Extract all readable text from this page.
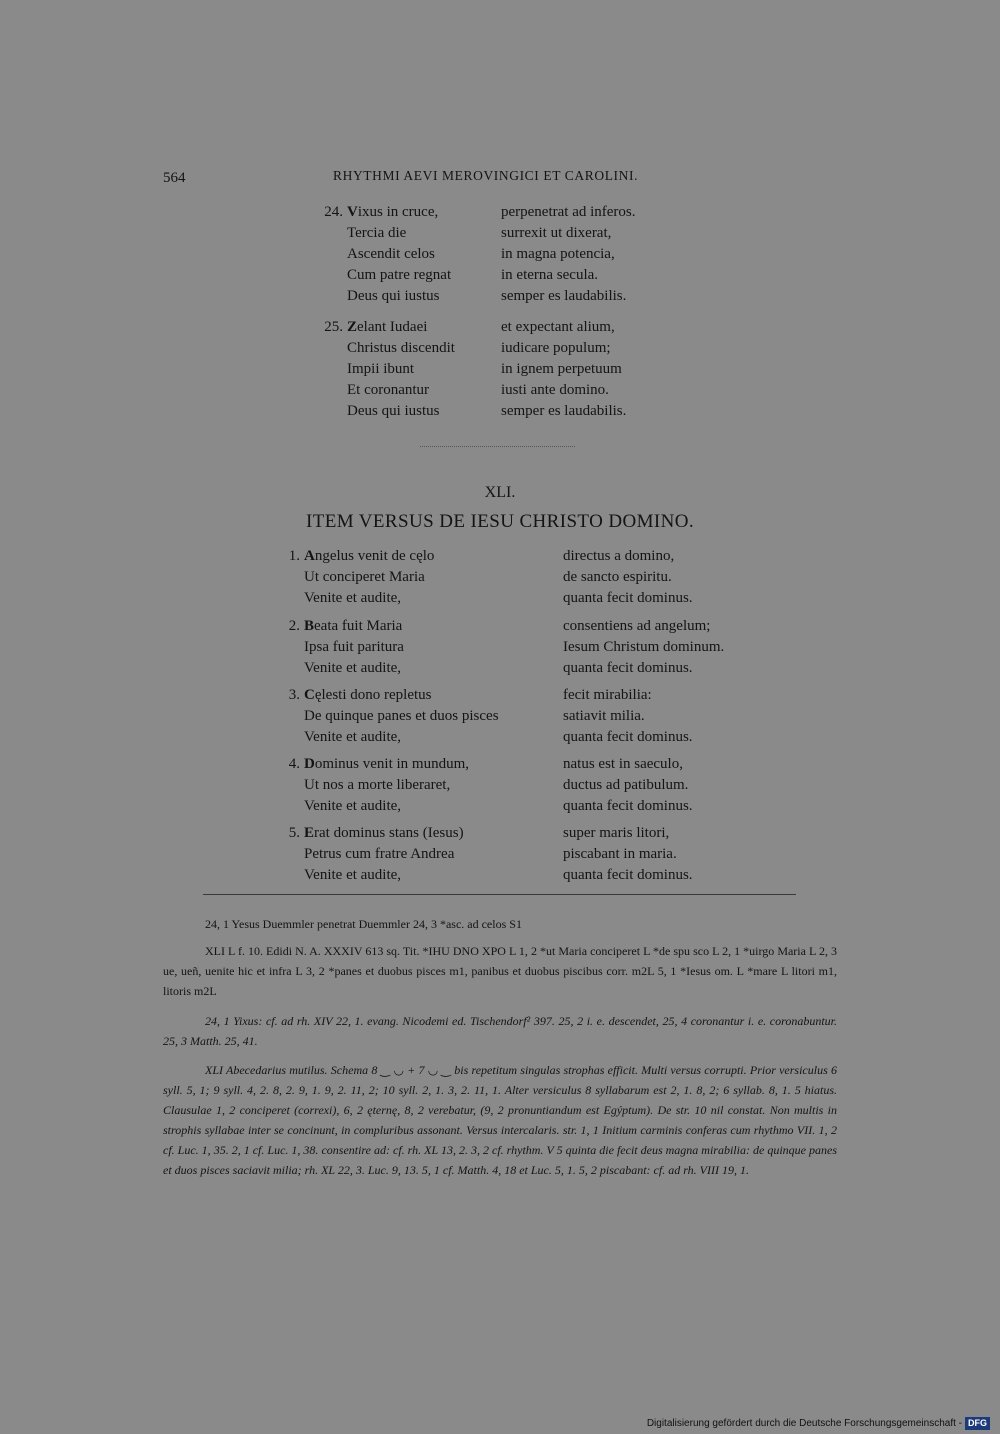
564	RHYTHMI AEVI MEROVINGICI ET CAROLINI.
24. Vixus in cruce,	perpenetrat ad inferos.
Tercia die	surrexit ut dixerat,
Ascendit celos	in magna potencia,
Cum patre regnat	in eterna secula.
Deus qui iustus	semper es laudabilis.
25. Zelant Iudaei	et expectant alium,
Christus discendit	iudicare populum;
Impii ibunt	in ignem perpetuum
Et coronantur	iusti ante domino.
Deus qui iustus	semper es laudabilis.
XLI.
ITEM VERSUS DE IESU CHRISTO DOMINO.
1. Angelus venit de cęlo	directus a domino,
Ut conciperet Maria	de sancto espiritu.
Venite et audite,	quanta fecit dominus.
2. Beata fuit Maria	consentiens ad angelum;
Ipsa fuit paritura	Iesum Christum dominum.
Venite et audite,	quanta fecit dominus.
3. Cęlesti dono repletus	fecit mirabilia:
De quinque panes et duos pisces	satiavit milia.
Venite et audite,	quanta fecit dominus.
4. Dominus venit in mundum,	natus est in saeculo,
Ut nos a morte liberaret,	ductus ad patibulum.
Venite et audite,	quanta fecit dominus.
5. Erat dominus stans (Iesus)	super maris litori,
Petrus cum fratre Andrea	piscabant in maria.
Venite et audite,	quanta fecit dominus.

24, 1 Yesus Duemmler penetrat Duemmler 24, 3 *asc. ad celos S1

XLI L f. 10. Edidi N. A. XXXIV 613 sq. Tit. *IHU DNO XPO L 1, 2 *ut Maria conciperet L *de spu sco L 2, 1 *uirgo Maria L 2, 3 ue, ueñ, uenite hic et infra L 3, 2 *panes et duobus pisces m1, panibus et duobus piscibus corr. m2L 5, 1 *Iesus om. L *mare L litori m1, litoris m2L

24, 1 Yixus: cf. ad rh. XIV 22, 1. evang. Nicodemi ed. Tischendorf² 397. 25, 2 i. e. descendet, 25, 4 coronantur i. e. coronabuntur. 25, 3 Matth. 25, 41.

XLI Abecedarius mutilus. Schema 8 ‿ ◡ + 7 ◡ ‿ bis repetitum singulas strophas efficit. Multi versus corrupti. Prior versiculus 6 syll. 5, 1; 9 syll. 4, 2. 8, 2. 9, 1. 9, 2. 11, 2; 10 syll. 2, 1. 3, 2. 11, 1. Alter versiculus 8 syllabarum est 2, 1. 8, 2; 6 syllab. 8, 1. 5 hiatus. Clausulae 1, 2 conciperet (correxi), 6, 2 ęternę, 8, 2 verebatur, (9, 2 pronuntiandum est Egýptum). De str. 10 nil constat. Non multis in strophis syllabae inter se concinunt, in compluribus assonant. Versus intercalaris. str. 1, 1 Initium carminis conferas cum rhythmo VII. 1, 2 cf. Luc. 1, 35. 2, 1 cf. Luc. 1, 38. consentire ad: cf. rh. XL 13, 2. 3, 2 cf. rhythm. V 5 quinta die fecit deus magna mirabilia: de quinque panes et duos pisces saciavit milia; rh. XL 22, 3. Luc. 9, 13. 5, 1 cf. Matth. 4, 18 et Luc. 5, 1. 5, 2 piscabant: cf. ad rh. VIII 19, 1.

Digitalisierung gefördert durch die Deutsche Forschungsgemeinschaft - DFG
